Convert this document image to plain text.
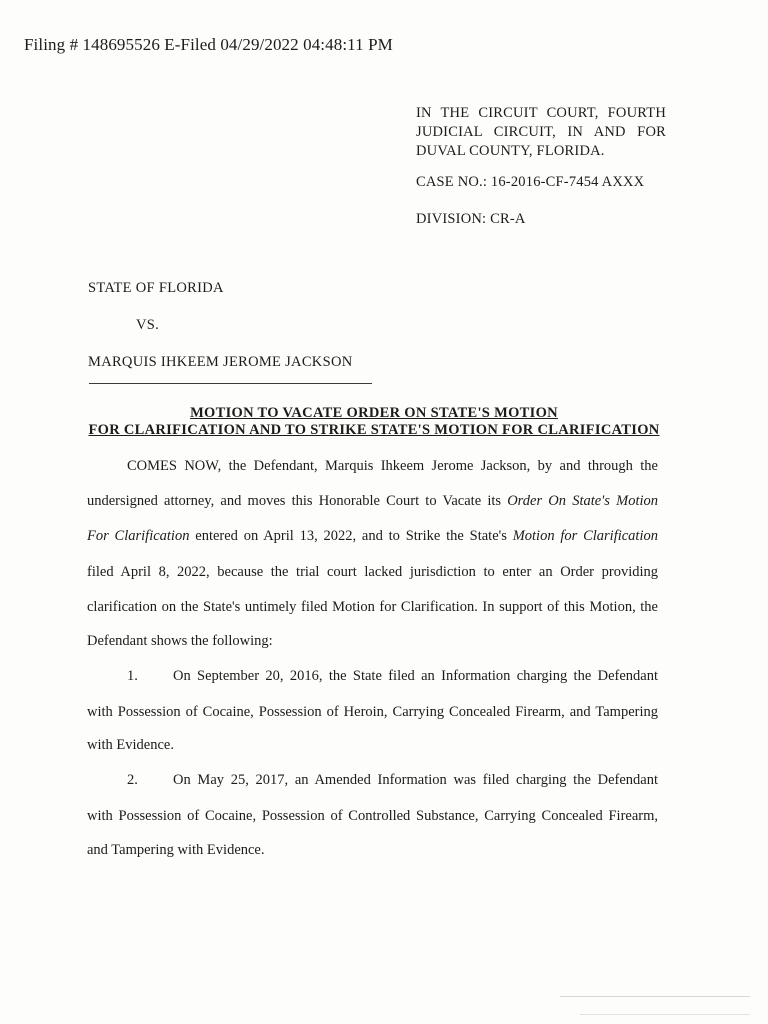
Filing # 148695526 E-Filed 04/29/2022 04:48:11 PM
IN THE CIRCUIT COURT, FOURTH
JUDICIAL CIRCUIT, IN AND FOR
DUVAL COUNTY, FLORIDA.
CASE NO.: 16-2016-CF-7454 AXXX
DIVISION: CR-A
STATE OF FLORIDA
VS.
MARQUIS IHKEEM JEROME JACKSON
MOTION TO VACATE ORDER ON STATE'S MOTION
FOR CLARIFICATION AND TO STRIKE STATE'S MOTION FOR CLARIFICATION
COMES NOW, the Defendant, Marquis Ihkeem Jerome Jackson, by and through the
undersigned attorney, and moves this Honorable Court to Vacate its Order On State's Motion
For Clarification entered on April 13, 2022, and to Strike the State's Motion for Clarification
filed April 8, 2022, because the trial court lacked jurisdiction to enter an Order providing
clarification on the State's untimely filed Motion for Clarification. In support of this Motion, the
Defendant shows the following:
1. On September 20, 2016, the State filed an Information charging the Defendant
with Possession of Cocaine, Possession of Heroin, Carrying Concealed Firearm, and Tampering
with Evidence.
2. On May 25, 2017, an Amended Information was filed charging the Defendant
with Possession of Cocaine, Possession of Controlled Substance, Carrying Concealed Firearm,
and Tampering with Evidence.
